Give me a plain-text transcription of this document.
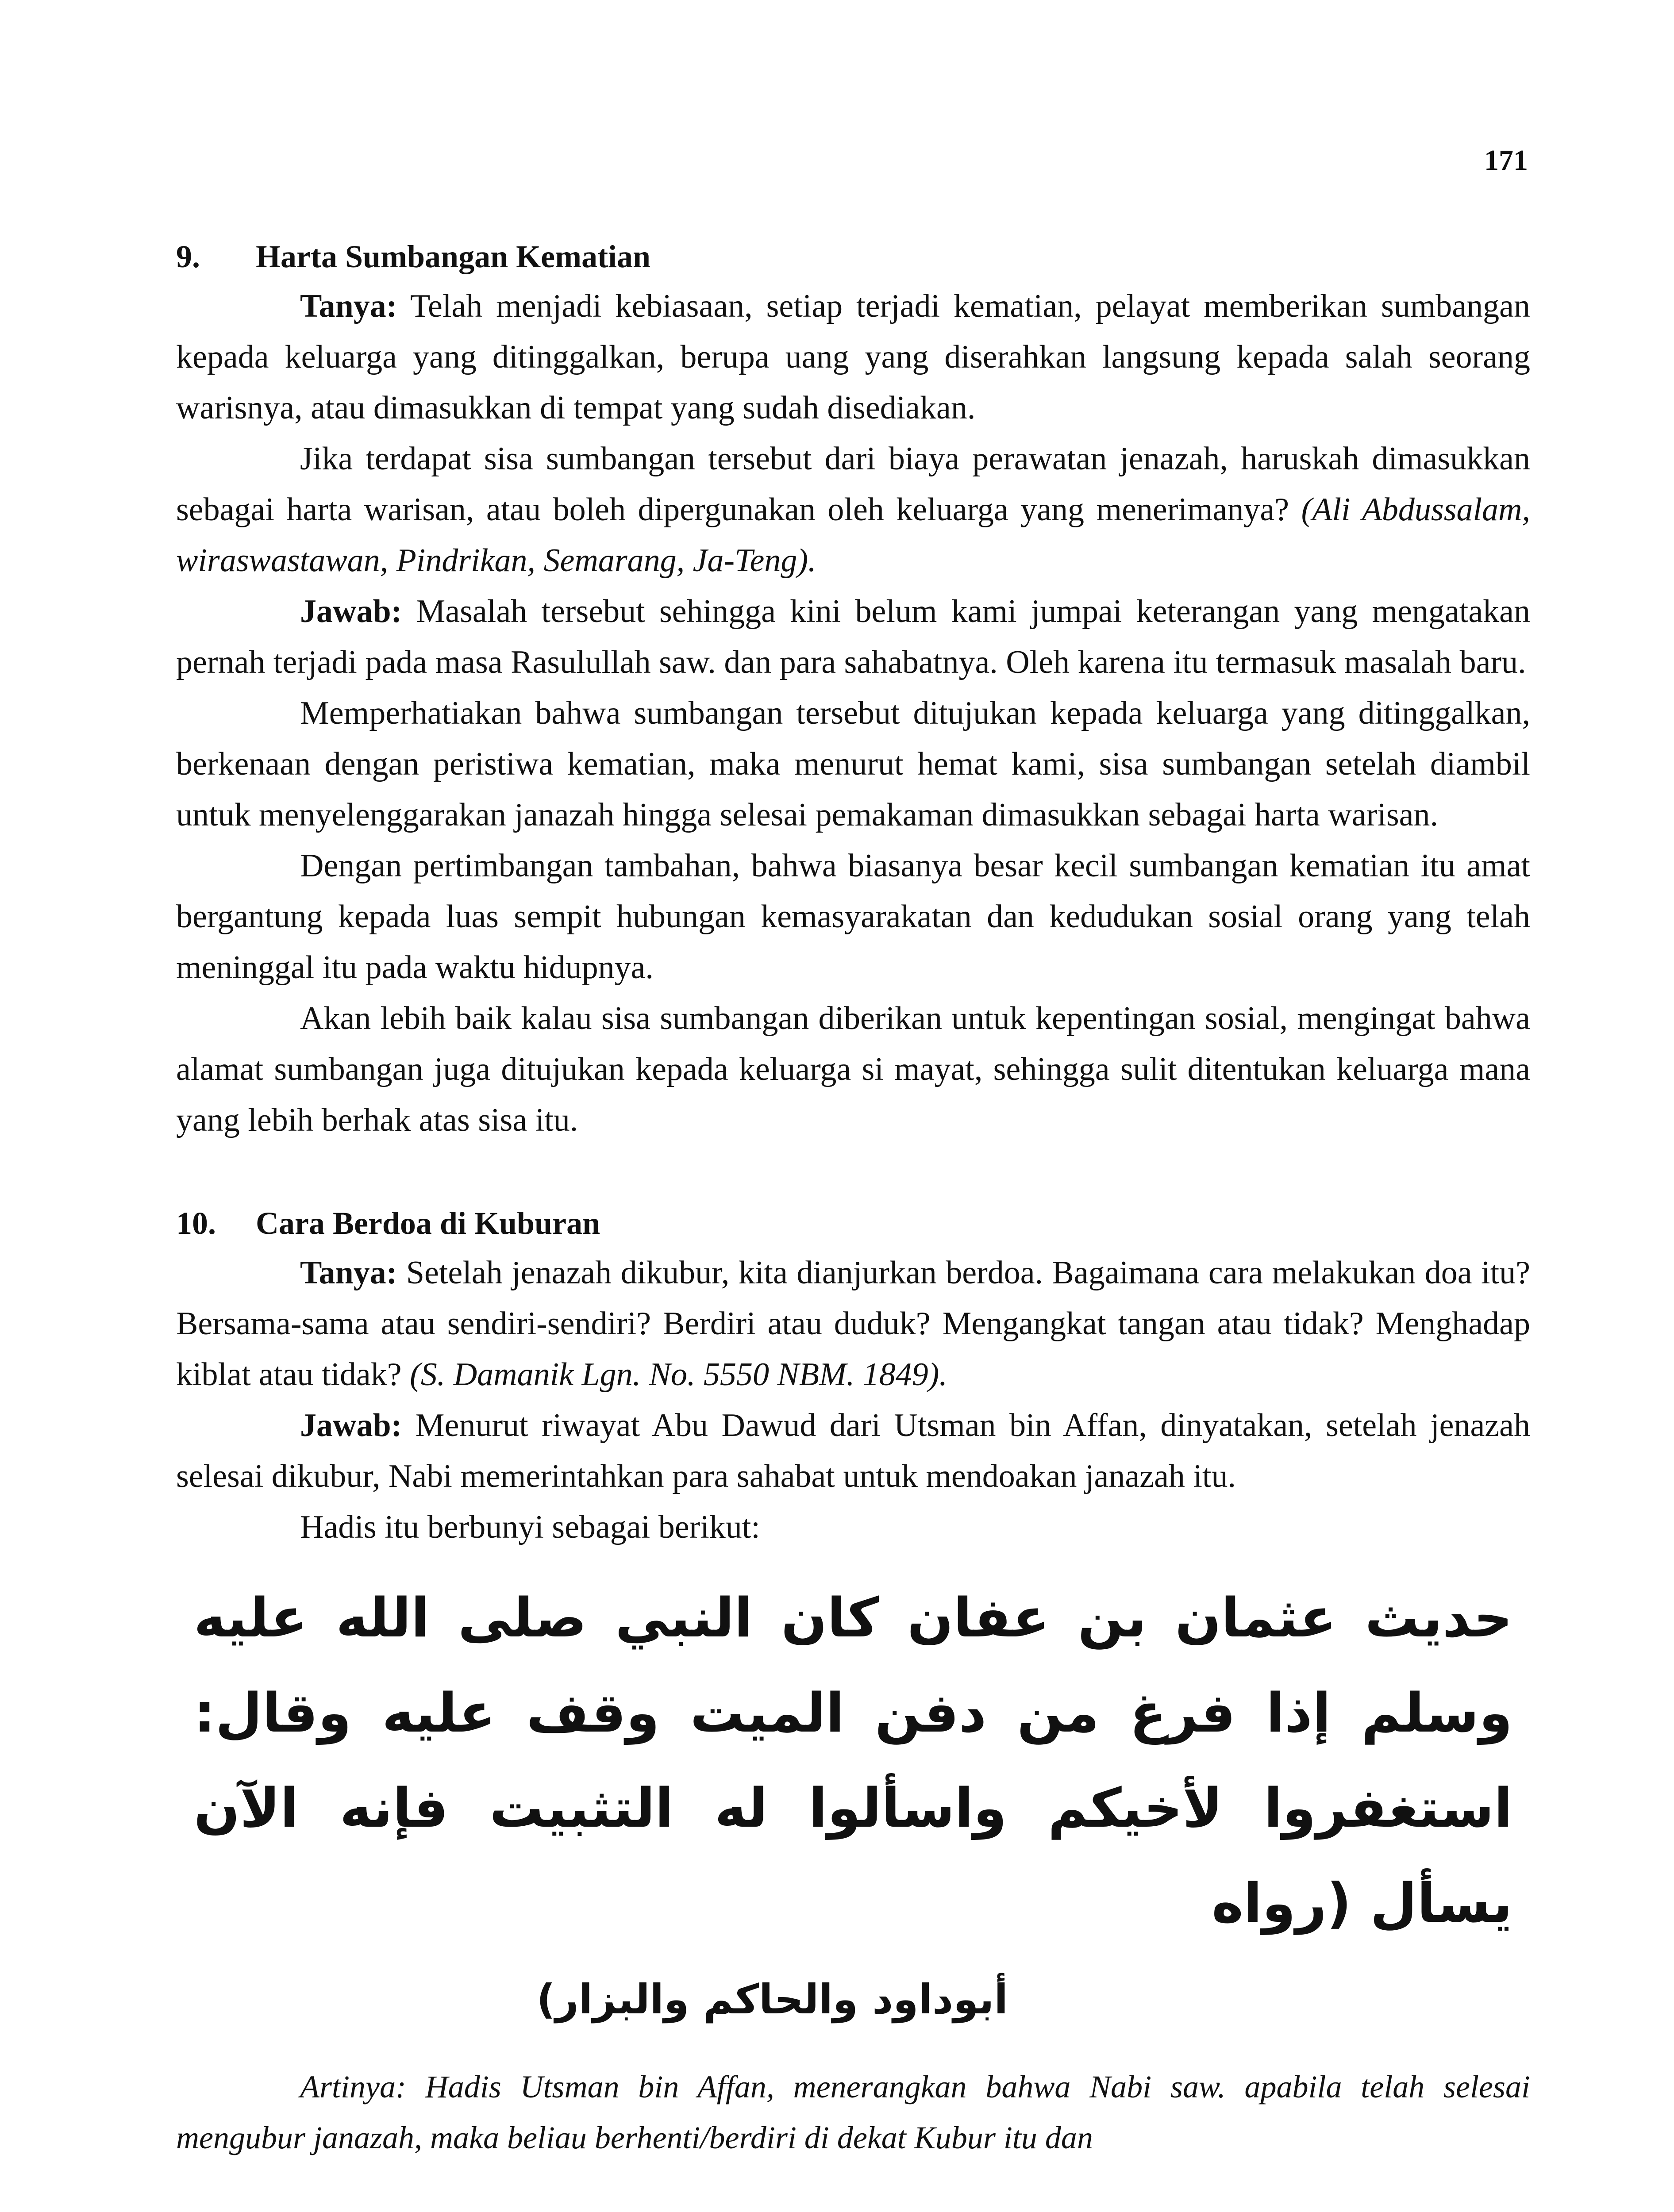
171
9. Harta Sumbangan Kematian

Tanya: Telah menjadi kebiasaan, setiap terjadi kematian, pelayat memberikan sumbangan kepada keluarga yang ditinggalkan, berupa uang yang diserahkan langsung kepada salah seorang warisnya, atau dimasukkan di tempat yang sudah disediakan.

Jika terdapat sisa sumbangan tersebut dari biaya perawatan jenazah, haruskah dimasukkan sebagai harta warisan, atau boleh dipergunakan oleh keluarga yang menerimanya? (Ali Abdussalam, wiraswastawan, Pindrikan, Semarang, Ja-Teng).

Jawab: Masalah tersebut sehingga kini belum kami jumpai keterangan yang mengatakan pernah terjadi pada masa Rasulullah saw. dan para sahabatnya. Oleh karena itu termasuk masalah baru.

Memperhatiakan bahwa sumbangan tersebut ditujukan kepada keluarga yang ditinggalkan, berkenaan dengan peristiwa kematian, maka menurut hemat kami, sisa sumbangan setelah diambil untuk menyelenggarakan janazah hingga selesai pemakaman dimasukkan sebagai harta warisan.

Dengan pertimbangan tambahan, bahwa biasanya besar kecil sumbangan kematian itu amat bergantung kepada luas sempit hubungan kemasyarakatan dan kedudukan sosial orang yang telah meninggal itu pada waktu hidupnya.

Akan lebih baik kalau sisa sumbangan diberikan untuk kepentingan sosial, mengingat bahwa alamat sumbangan juga ditujukan kepada keluarga si mayat, sehingga sulit ditentukan keluarga mana yang lebih berhak atas sisa itu.

10. Cara Berdoa di Kuburan

Tanya: Setelah jenazah dikubur, kita dianjurkan berdoa. Bagaimana cara melakukan doa itu? Bersama-sama atau sendiri-sendiri? Berdiri atau duduk? Mengangkat tangan atau tidak? Menghadap kiblat atau tidak? (S. Damanik Lgn. No. 5550 NBM. 1849).

Jawab: Menurut riwayat Abu Dawud dari Utsman bin Affan, dinyatakan, setelah jenazah selesai dikubur, Nabi memerintahkan para sahabat untuk mendoakan janazah itu.

Hadis itu berbunyi sebagai berikut:

حديث عثمان بن عفان كان النبي صلى الله عليه وسلم إذا فرغ من دفن الميت وقف عليه وقال: استغفروا لأخيكم واسألوا له التثبيت فإنه الآن يسأل (رواه

أبوداود والحاكم والبزار)

Artinya: Hadis Utsman bin Affan, menerangkan bahwa Nabi saw. apabila telah selesai mengubur janazah, maka beliau berhenti/berdiri di dekat Kubur itu dan
